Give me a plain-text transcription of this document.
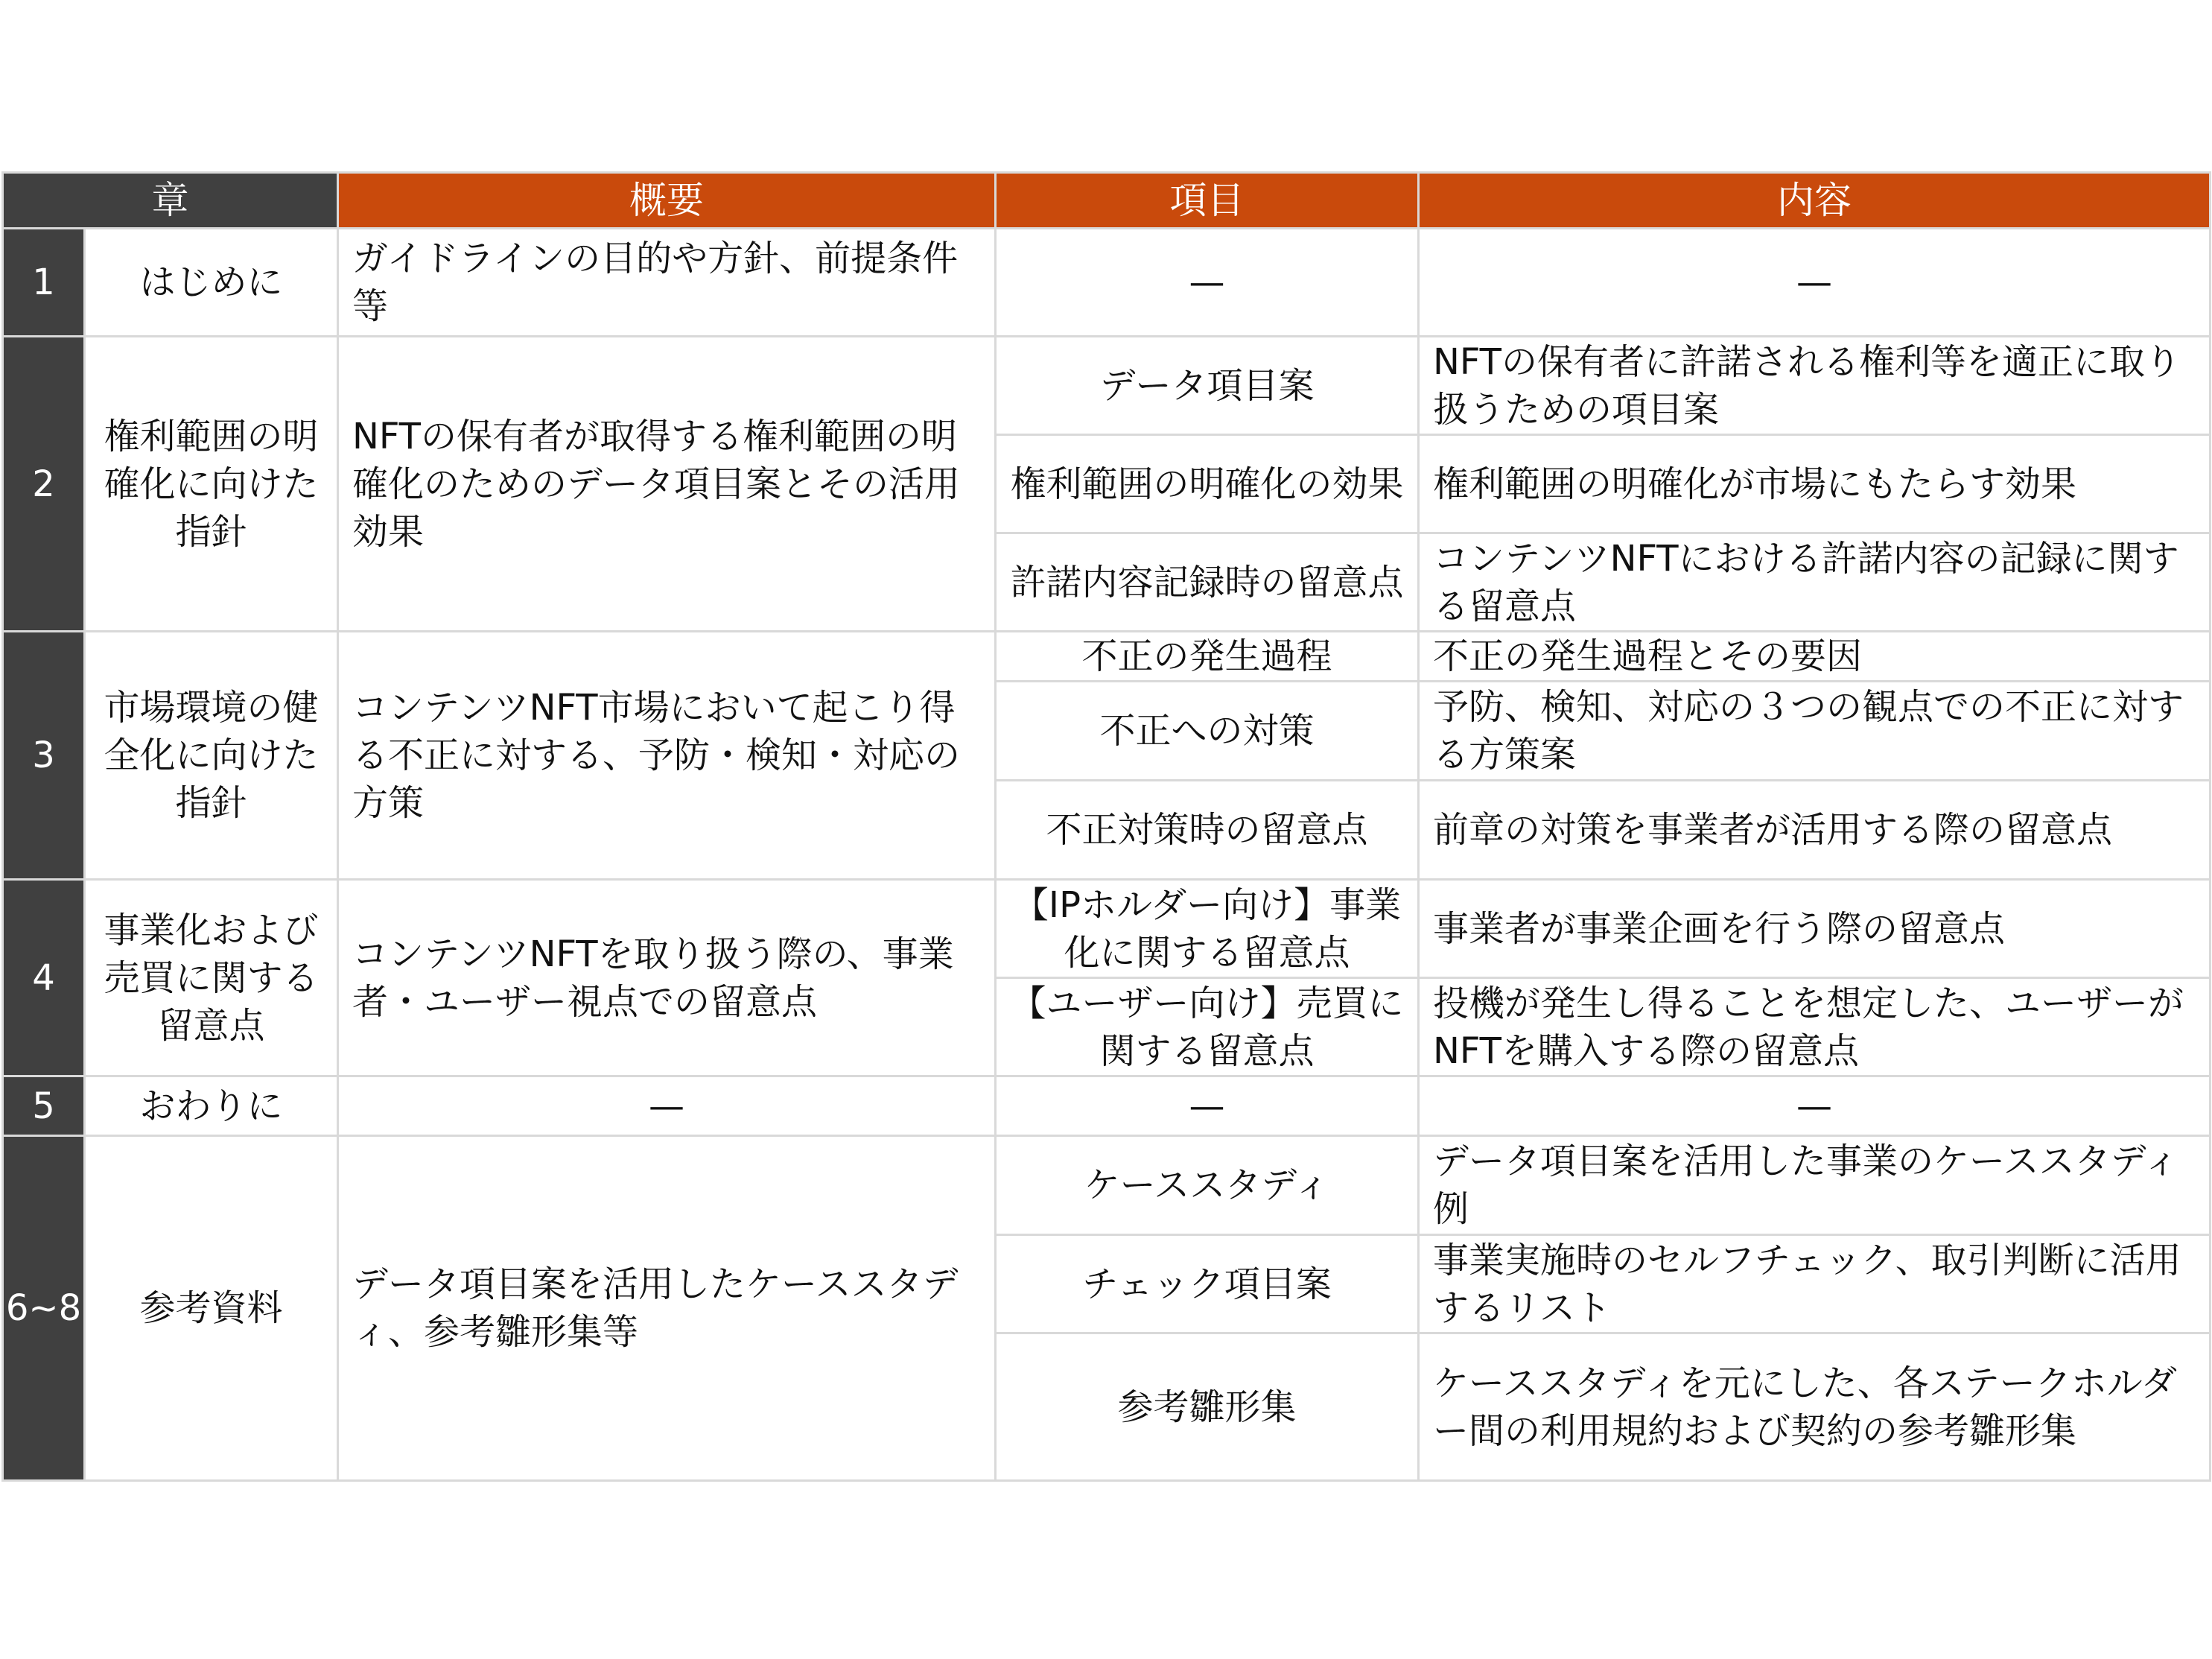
章		概要	項目	内容
1	はじめに	ガイドラインの目的や方針、前提条件等	—	—
2	権利範囲の明確化に向けた指針	NFTの保有者が取得する権利範囲の明確化のためのデータ項目案とその活用効果	データ項目案	NFTの保有者に許諾される権利等を適正に取り扱うための項目案
			権利範囲の明確化の効果	権利範囲の明確化が市場にもたらす効果
			許諾内容記録時の留意点	コンテンツNFTにおける許諾内容の記録に関する留意点
3	市場環境の健全化に向けた指針	コンテンツNFT市場において起こり得る不正に対する、予防・検知・対応の方策	不正の発生過程	不正の発生過程とその要因
			不正への対策	予防、検知、対応の３つの観点での不正に対する方策案
			不正対策時の留意点	前章の対策を事業者が活用する際の留意点
4	事業化および売買に関する留意点	コンテンツNFTを取り扱う際の、事業者・ユーザー視点での留意点	【IPホルダー向け】事業化に関する留意点	事業者が事業企画を行う際の留意点
			【ユーザー向け】売買に関する留意点	投機が発生し得ることを想定した、ユーザーがNFTを購入する際の留意点
5	おわりに	—	—	—
6~8	参考資料	データ項目案を活用したケーススタディ、参考雛形集等	ケーススタディ	データ項目案を活用した事業のケーススタディ例
			チェック項目案	事業実施時のセルフチェック、取引判断に活用するリスト
			参考雛形集	ケーススタディを元にした、各ステークホルダー間の利用規約および契約の参考雛形集
